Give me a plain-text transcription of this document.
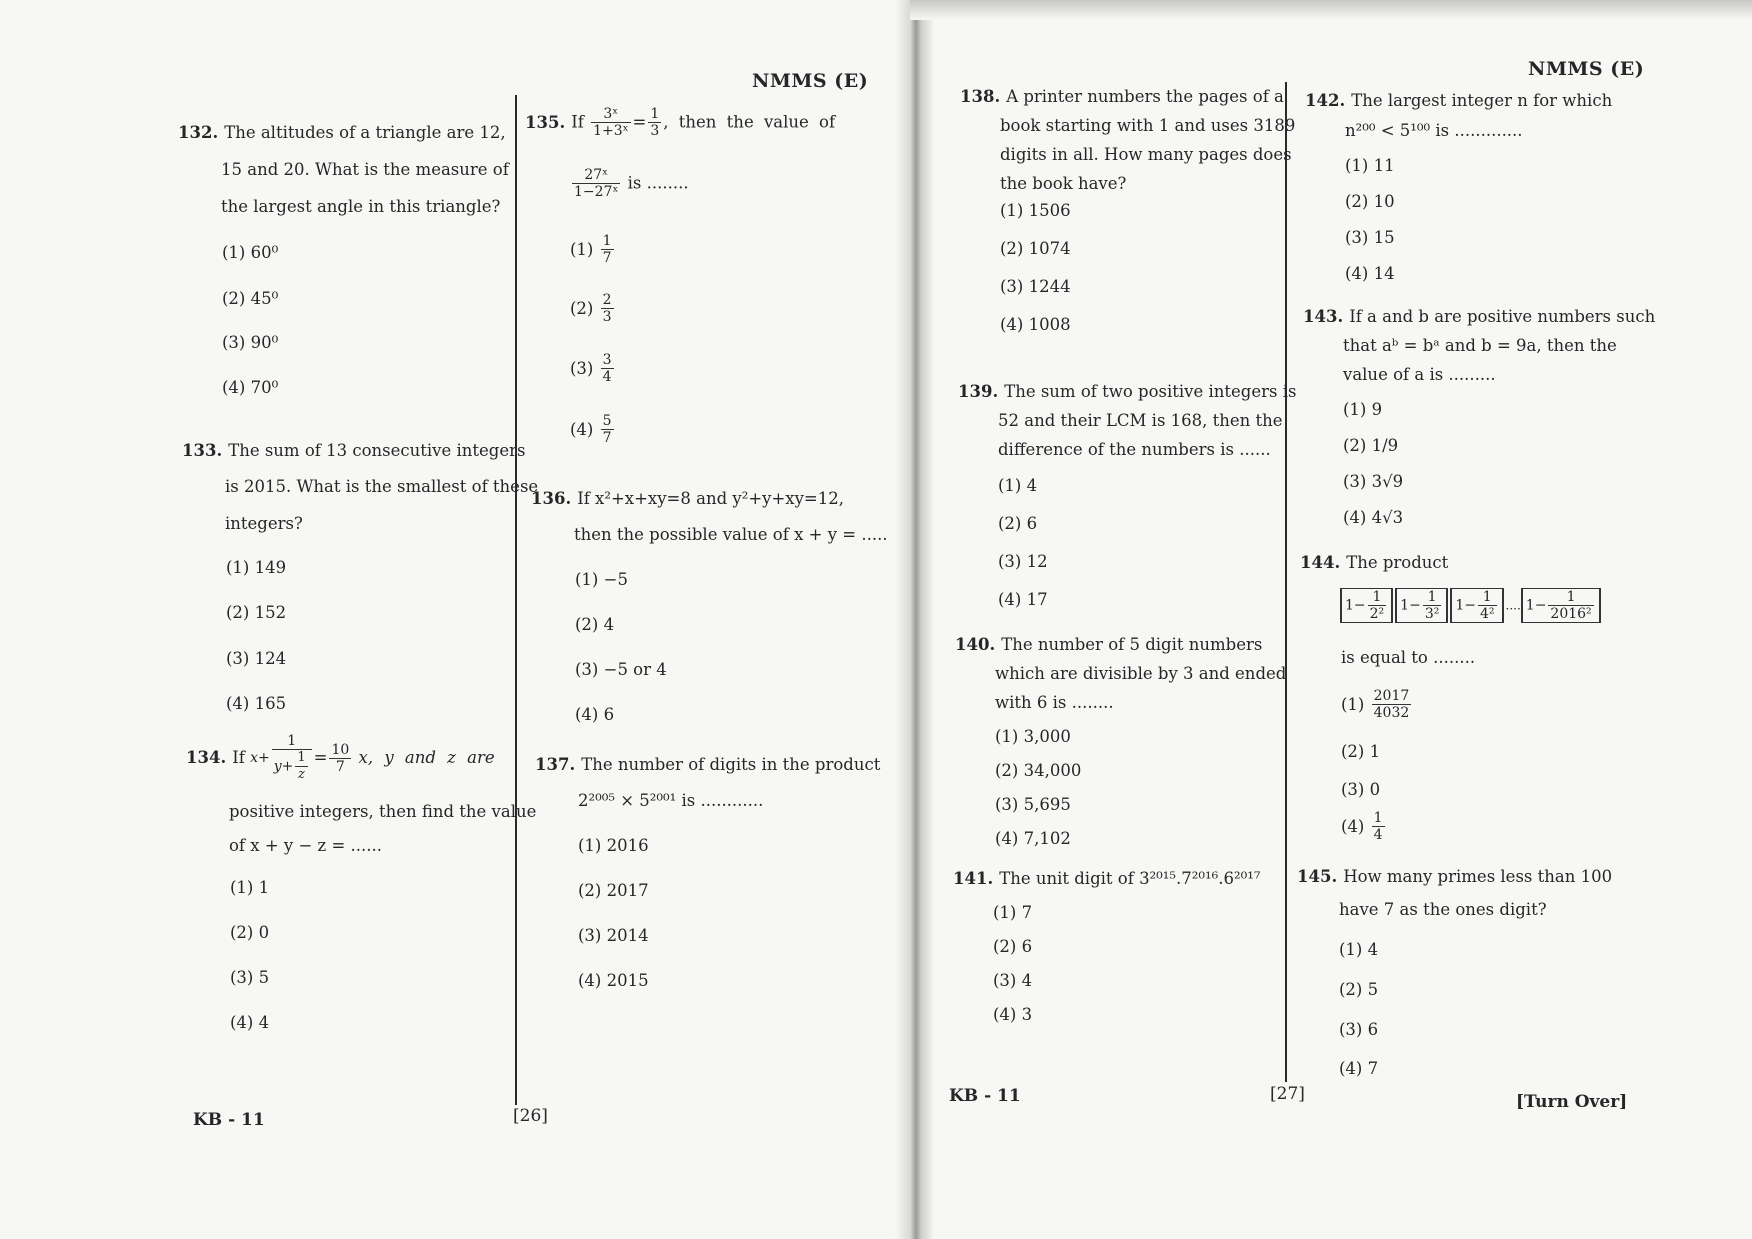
NMMS (E)
132. The altitudes of a triangle are 12,
15 and 20. What is the measure of
the largest angle in this triangle?
(1) 60⁰
(2) 45⁰
(3) 90⁰
(4) 70⁰
133. The sum of 13 consecutive integers
is 2015. What is the smallest of these
integers?
(1) 149
(2) 152
(3) 124
(4) 165
134. If $x+ \frac{1}{y+ \frac{1}{z}} = \frac{10}{7} x$, y and z are
positive integers, then find the value
of x + y − z = ......
(1) 1
(2) 0
(3) 5
(4) 4
135. If $\frac{\text{3ˣ}}{\text{1+3ˣ}} = \frac{1}{3}$ , then the value of
$\frac{\text{27ˣ}}{\text{1−27ˣ}}$ is ........
$(1) \frac{1}{7}$
$(2) \frac{2}{3}$
$(3) \frac{3}{4}$
$(4) \frac{5}{7}$
136. If x²+x+xy=8 and y²+y+xy=12,
then the possible value of x + y = .....
(1) −5
(2) 4
(3) −5 or 4
(4) 6
137. The number of digits in the product
2²⁰⁰⁵ × 5²⁰⁰¹ is ............
(1) 2016
(2) 2017
(3) 2014
(4) 2015
KB - 11	[26]
NMMS (E)
138. A printer numbers the pages of a
book starting with 1 and uses 3189
digits in all. How many pages does
the book have?
(1) 1506
(2) 1074
(3) 1244
(4) 1008
139. The sum of two positive integers is
52 and their LCM is 168, then the
difference of the numbers is ......
(1) 4
(2) 6
(3) 12
(4) 17
140. The number of 5 digit numbers
which are divisible by 3 and ended
with 6 is ........
(1) 3,000
(2) 34,000
(3) 5,695
(4) 7,102
141. The unit digit of 3²⁰¹⁵.7²⁰¹⁶.6²⁰¹⁷
(1) 7
(2) 6
(3) 4
(4) 3
142. The largest integer n for which
n²⁰⁰ < 5¹⁰⁰ is .............
(1) 11
(2) 10
(3) 15
(4) 14
143. If a and b are positive numbers such
that aᵇ = bᵃ and b = 9a, then the
value of a is .........
(1) 9
(2) 1/9
(3) 3√9
(4) 4√3
144. The product
$1- \frac{1}{\text{2²}} 1- \frac{1}{\text{3²}} 1- \frac{1}{\text{4²}}$ .... $1- \frac{1}{\text{2016²}}$
is equal to ........
$(1) \frac{2017}{4032}$
(2) 1
(3) 0
$(4) \frac{1}{4}$
145. How many primes less than 100
have 7 as the ones digit?
(1) 4
(2) 5
(3) 6
(4) 7
KB - 11	[27]	[Turn Over]
